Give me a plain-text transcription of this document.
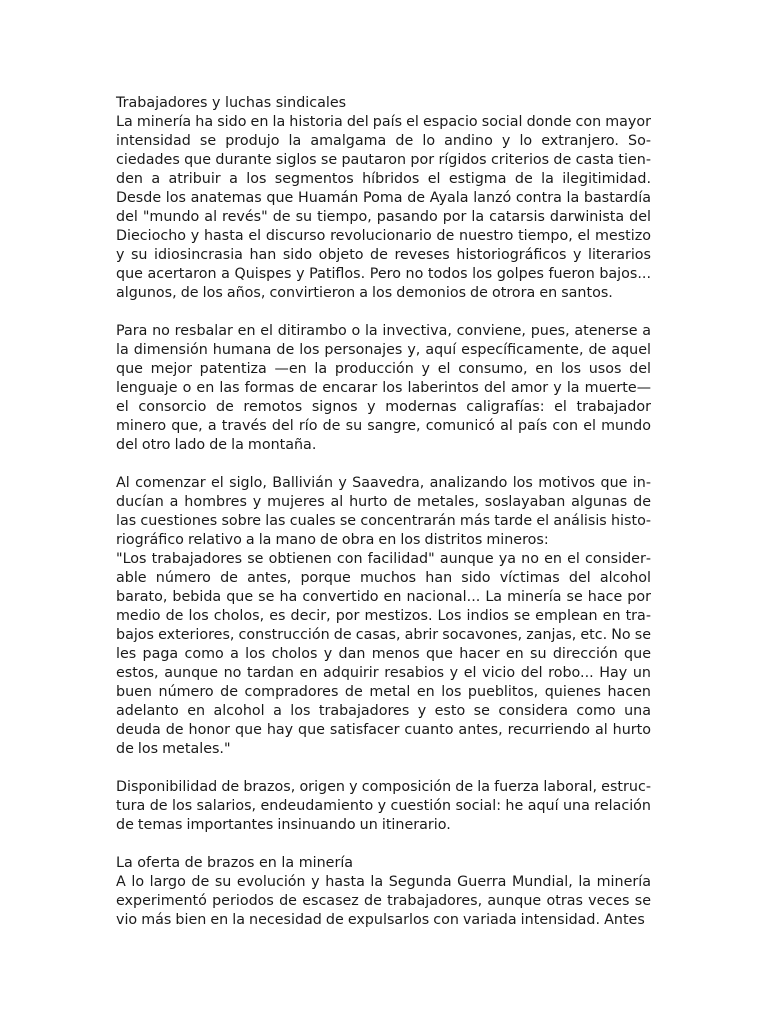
Trabajadores y luchas sindicales

La minería ha sido en la historia del país el espacio social donde con mayor intensidad se produjo la amalgama de lo andino y lo extranjero. Sociedades que durante siglos se pautaron por rígidos criterios de casta tienden a atribuir a los segmentos híbridos el estigma de la ilegitimidad. Desde los anatemas que Huamán Poma de Ayala lanzó contra la bastardía del "mundo al revés" de su tiempo, pasando por la catarsis darwinista del Dieciocho y hasta el discurso revolucionario de nuestro tiempo, el mestizo y su idiosincrasia han sido objeto de reveses historiográficos y literarios que acertaron a Quispes y Patiflos. Pero no todos los golpes fueron bajos... algunos, de los años, convirtieron a los demonios de otrora en santos.

Para no resbalar en el ditirambo o la invectiva, conviene, pues, atenerse a la dimensión humana de los personajes y, aquí específicamente, de aquel que mejor patentiza —en la producción y el consumo, en los usos del lenguaje o en las formas de encarar los laberintos del amor y la muerte— el consorcio de remotos signos y modernas caligrafías: el trabajador minero que, a través del río de su sangre, comunicó al país con el mundo del otro lado de la montaña.

Al comenzar el siglo, Ballivián y Saavedra, analizando los motivos que inducían a hombres y mujeres al hurto de metales, soslayaban algunas de las cuestiones sobre las cuales se concentrarán más tarde el análisis historiográfico relativo a la mano de obra en los distritos mineros:

"Los trabajadores se obtienen con facilidad" aunque ya no en el considerable número de antes, porque muchos han sido víctimas del alcohol barato, bebida que se ha convertido en nacional... La minería se hace por medio de los cholos, es decir, por mestizos. Los indios se emplean en trabajos exteriores, construcción de casas, abrir socavones, zanjas, etc. No se les paga como a los cholos y dan menos que hacer en su dirección que estos, aunque no tardan en adquirir resabios y el vicio del robo... Hay un buen número de compradores de metal en los pueblitos, quienes hacen adelanto en alcohol a los trabajadores y esto se considera como una deuda de honor que hay que satisfacer cuanto antes, recurriendo al hurto de los metales."

Disponibilidad de brazos, origen y composición de la fuerza laboral, estructura de los salarios, endeudamiento y cuestión social: he aquí una relación de temas importantes insinuando un itinerario.

La oferta de brazos en la minería

A lo largo de su evolución y hasta la Segunda Guerra Mundial, la minería experimentó periodos de escasez de trabajadores, aunque otras veces se vio más bien en la necesidad de expulsarlos con variada intensidad. Antes
